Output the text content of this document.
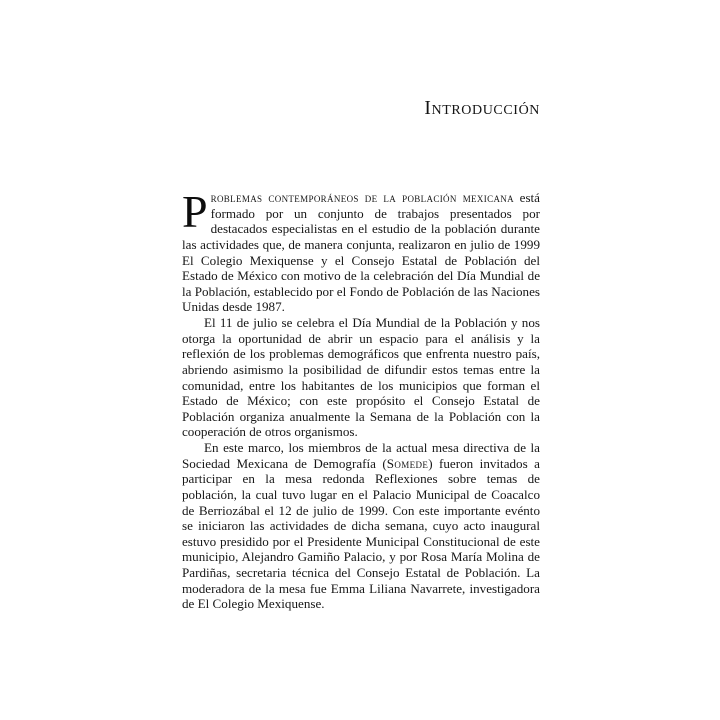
Introducción

Problemas contemporáneos de la población mexicana está formado por un conjunto de trabajos presentados por destacados especialistas en el estudio de la población durante las actividades que, de manera conjunta, realizaron en julio de 1999 El Colegio Mexiquense y el Consejo Estatal de Población del Estado de México con motivo de la celebración del Día Mundial de la Población, establecido por el Fondo de Población de las Naciones Unidas desde 1987.

El 11 de julio se celebra el Día Mundial de la Población y nos otorga la oportunidad de abrir un espacio para el análisis y la reflexión de los problemas demográficos que enfrenta nuestro país, abriendo asimismo la posibilidad de difundir estos temas entre la comunidad, entre los habitantes de los municipios que forman el Estado de México; con este propósito el Consejo Estatal de Población organiza anualmente la Semana de la Población con la cooperación de otros organismos.

En este marco, los miembros de la actual mesa directiva de la Sociedad Mexicana de Demografía (Somede) fueron invitados a participar en la mesa redonda Reflexiones sobre temas de población, la cual tuvo lugar en el Palacio Municipal de Coacalco de Berriozábal el 12 de julio de 1999. Con este importante evénto se iniciaron las actividades de dicha semana, cuyo acto inaugural estuvo presidido por el Presidente Municipal Constitucional de este municipio, Alejandro Gamiño Palacio, y por Rosa María Molina de Pardiñas, secretaria técnica del Consejo Estatal de Población. La moderadora de la mesa fue Emma Liliana Navarrete, investigadora de El Colegio Mexiquense.
